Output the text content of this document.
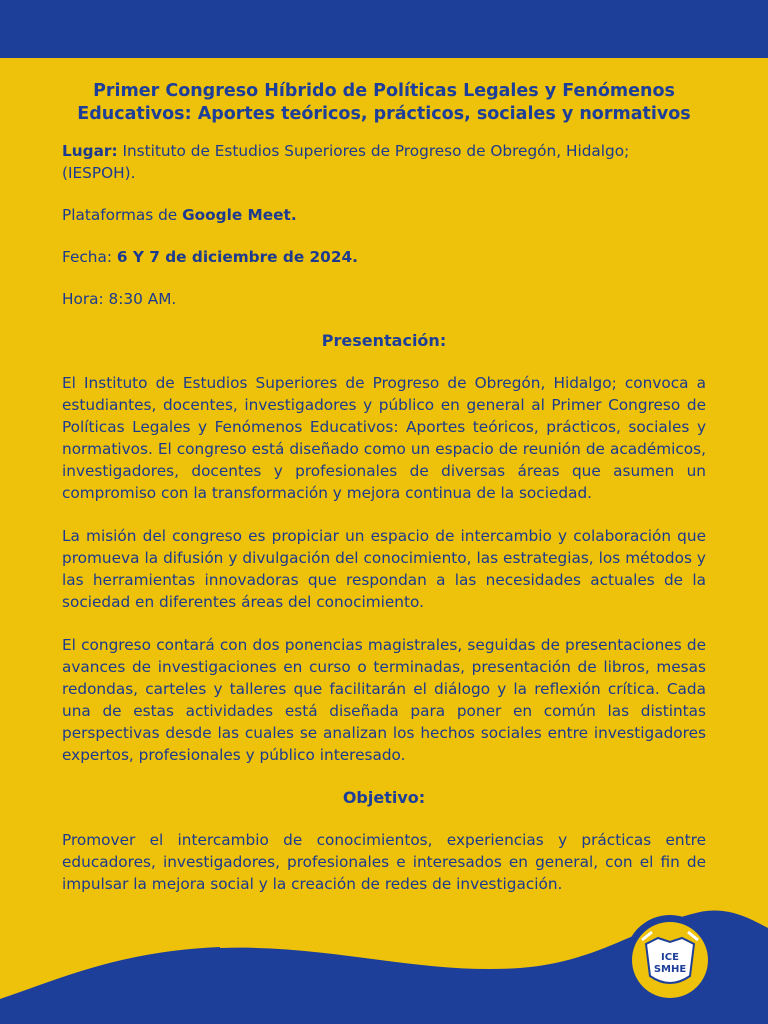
ICE
SMHE
Primer Congreso Híbrido de Políticas Legales y Fenómenos
Educativos: Aportes teóricos, prácticos, sociales y normativos

Lugar: Instituto de Estudios Superiores de Progreso de Obregón, Hidalgo; (IESPOH).

Plataformas de Google Meet.

Fecha: 6 Y 7 de diciembre de 2024.

Hora: 8:30 AM.

Presentación:

El Instituto de Estudios Superiores de Progreso de Obregón, Hidalgo; convoca a estudiantes, docentes, investigadores y público en general al Primer Congreso de Políticas Legales y Fenómenos Educativos: Aportes teóricos, prácticos, sociales y normativos. El congreso está diseñado como un espacio de reunión de académicos, investigadores, docentes y profesionales de diversas áreas que asumen un compromiso con la transformación y mejora continua de la sociedad.

La misión del congreso es propiciar un espacio de intercambio y colaboración que promueva la difusión y divulgación del conocimiento, las estrategias, los métodos y las herramientas innovadoras que respondan a las necesidades actuales de la sociedad en diferentes áreas del conocimiento.

El congreso contará con dos ponencias magistrales, seguidas de presentaciones de avances de investigaciones en curso o terminadas, presentación de libros, mesas redondas, carteles y talleres que facilitarán el diálogo y la reflexión crítica. Cada una de estas actividades está diseñada para poner en común las distintas perspectivas desde las cuales se analizan los hechos sociales entre investigadores expertos, profesionales y público interesado.

Objetivo:

Promover el intercambio de conocimientos, experiencias y prácticas entre educadores, investigadores, profesionales e interesados en general, con el fin de impulsar la mejora social y la creación de redes de investigación.
